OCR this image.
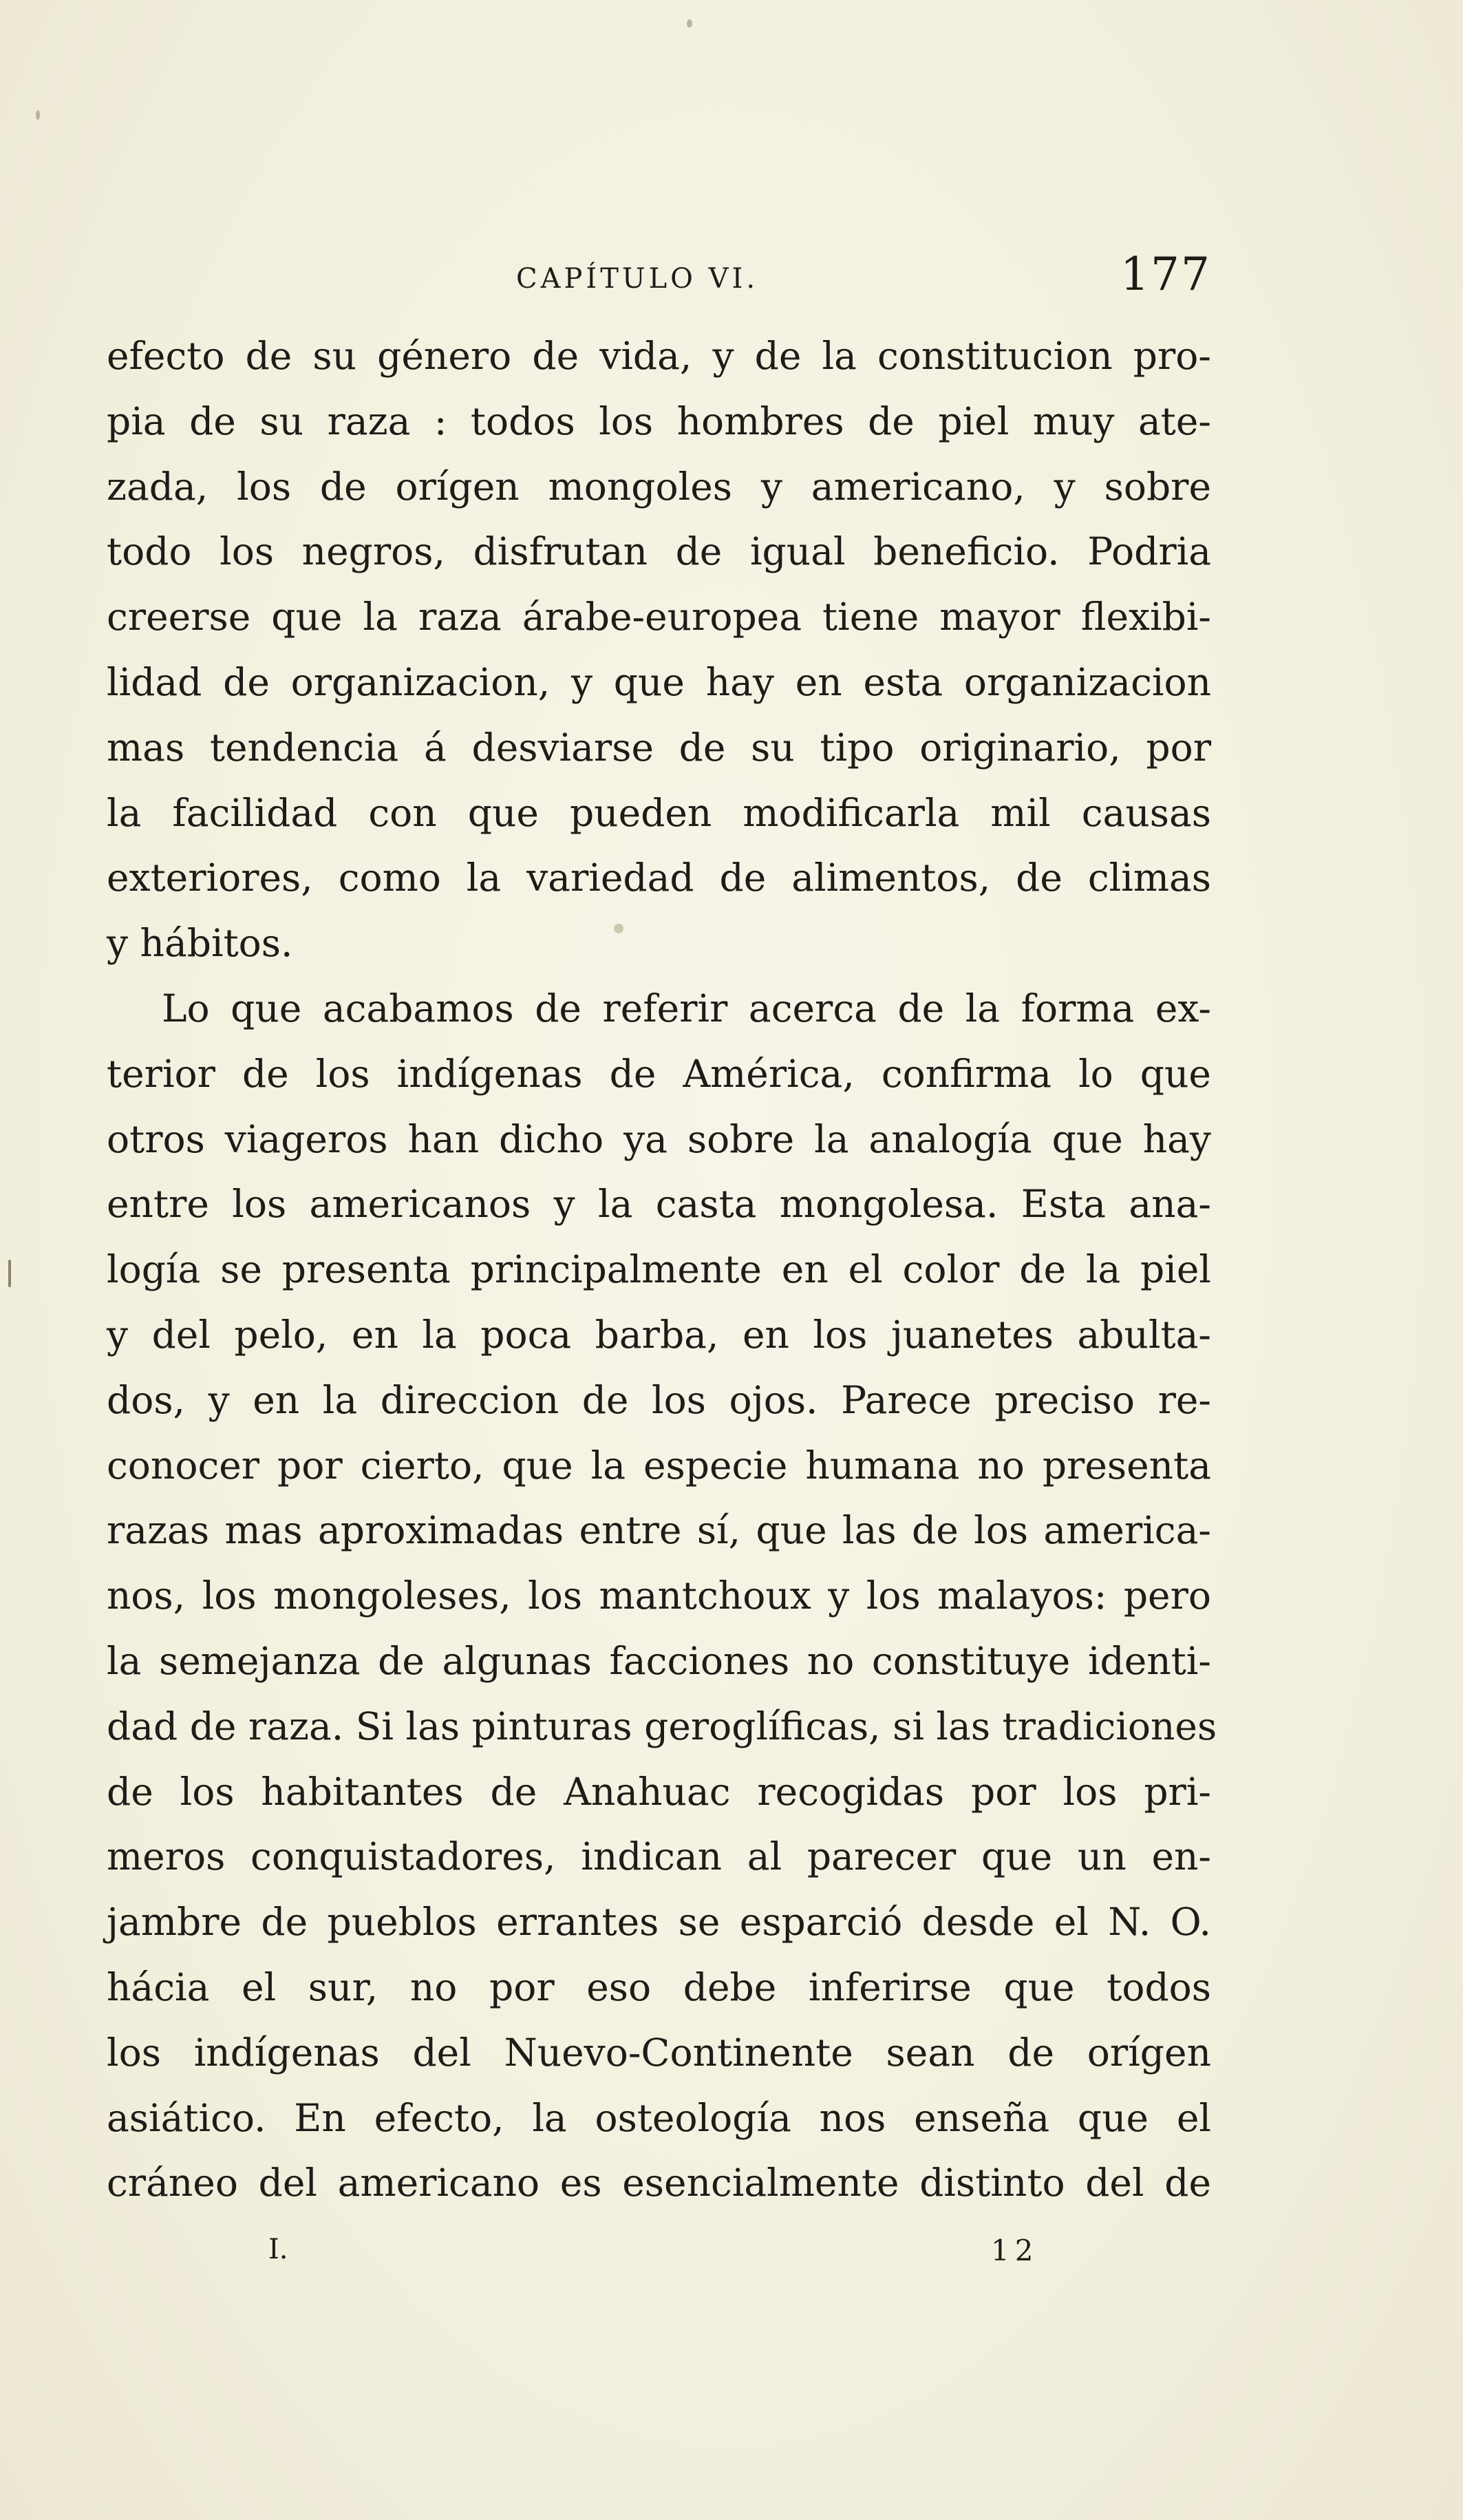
CAPÍTULO VI.	177
efecto de su género de vida, y de la constitucion pro-
pia de su raza : todos los hombres de piel muy ate-
zada, los de orígen mongoles y americano, y sobre
todo los negros, disfrutan de igual beneficio. Podria
creerse que la raza árabe-europea tiene mayor flexibi-
lidad de organizacion, y que hay en esta organizacion
mas tendencia á desviarse de su tipo originario, por
la facilidad con que pueden modificarla mil causas
exteriores, como la variedad de alimentos, de climas
y hábitos.
Lo que acabamos de referir acerca de la forma ex-
terior de los indígenas de América, confirma lo que
otros viageros han dicho ya sobre la analogía que hay
entre los americanos y la casta mongolesa. Esta ana-
logía se presenta principalmente en el color de la piel
y del pelo, en la poca barba, en los juanetes abulta-
dos, y en la direccion de los ojos. Parece preciso re-
conocer por cierto, que la especie humana no presenta
razas mas aproximadas entre sí, que las de los america-
nos, los mongoleses, los mantchoux y los malayos: pero
la semejanza de algunas facciones no constituye identi-
dad de raza. Si las pinturas geroglíficas, si las tradiciones
de los habitantes de Anahuac recogidas por los pri-
meros conquistadores, indican al parecer que un en-
jambre de pueblos errantes se esparció desde el N. O.
hácia el sur, no por eso debe inferirse que todos
los indígenas del Nuevo-Continente sean de orígen
asiático. En efecto, la osteología nos enseña que el
cráneo del americano es esencialmente distinto del de
I.	12
